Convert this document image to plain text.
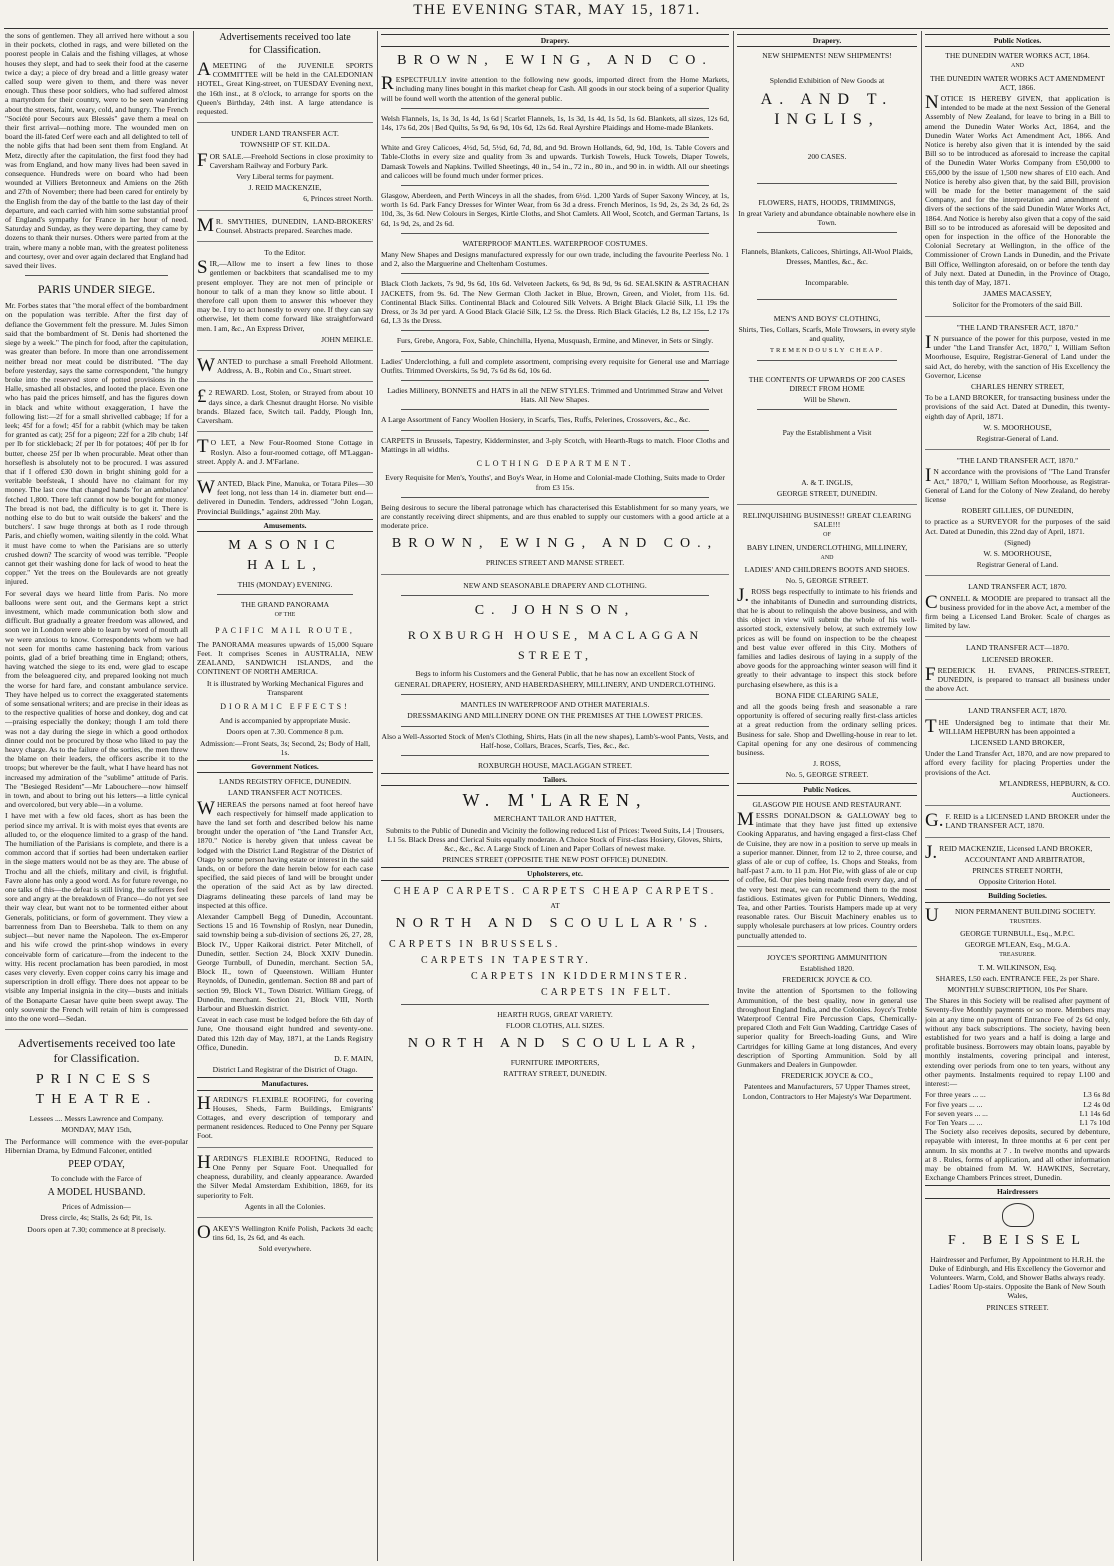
THE EVENING STAR, MAY 15, 1871.

the sons of gentlemen. They all arrived here without a sou in their pockets, clothed in rags, and were billeted on the poorest people in Calais and the fishing villages, at whose houses they slept, and had to seek their food at the caserne twice a day; a piece of dry bread and a little greasy water called soup were given to them, and there was never enough. Thus these poor soldiers, who had suffered almost a martyrdom for their country, were to be seen wandering about the streets, faint, weary, cold, and hungry. The French "Société pour Secours aux Blessés" gave them a meal on their first arrival—nothing more. The wounded men on board the ill-fated Cerf were each and all delighted to tell of the noble gifts that had been sent them from England. At Metz, directly after the capitulation, the first food they had was from England, and how many lives had been saved in consequence. Hundreds were on board who had been wounded at Villiers Bretonneux and Amiens on the 26th and 27th of November; there had been cared for entirely by the English from the day of the battle to the last day of their departure, and each carried with him some substantial proof of England's sympathy for France in her hour of need. Saturday and Sunday, as they were departing, they came by dozens to thank their nurses. Others were parted from at the train, where many a noble man, with the greatest politeness and courtesy, over and over again declared that England had saved their lives.

PARIS UNDER SIEGE.

Mr. Forbes states that "the moral effect of the bombardment on the population was terrible. After the first day of defiance the Government felt the pressure. M. Jules Simon said that the bombardment of St. Denis had shortened the siege by a week." The pinch for food, after the capitulation, was greater than before. In more than one arrondissement neither bread nor meat could be distributed. "The day before yesterday, says the same correspondent, "the hungry broke into the reserved store of potted provisions in the Halle, smashed all obstacles, and looted the place. Even one who has paid the prices himself, and has the figures down in black and white without exaggeration, I have the following list:—2f for a small shrivelled cabbage; 1f for a leek; 45f for a fowl; 45f for a rabbit (which may be taken for granted as cat); 25f for a pigeon; 22f for a 2lb chub; 14f per lb for stickleback; 2f per lb for potatoes; 40f per lb for butter, cheese 25f per lb when procurable. Meat other than horseflesh is absolutely not to be procured. I was assured that if I offered £30 down in bright shining gold for a veritable beefsteak, I should have no claimant for my money. The last cow that changed hands 'for an ambulance' fetched 1,800. There left cannot now be bought for money. The bread is not bad, the difficulty is to get it. There is nothing else to do but to wait outside the bakers' and the butchers'. I saw huge throngs at both as I rode through Paris, and chiefly women, waiting silently in the cold. What it must have come to when the Parisians are so utterly crushed down? The scarcity of wood was terrible. "People cannot get their washing done for lack of wood to heat the copper." Yet the trees on the Boulevards are not greatly injured.

For several days we heard little from Paris. No more balloons were sent out, and the Germans kept a strict investment, which made communication both slow and difficult. But gradually a greater freedom was allowed, and soon we in London were able to learn by word of mouth all we were anxious to know. Correspondents whom we had not seen for months came hastening back from various points, glad of a brief breathing time in England; others, having watched the siege to its end, were glad to escape from the beleaguered city, and prepared looking not much the worse for hard fare, and constant ambulance service. They have helped us to correct the exaggerated statements of some sensational writers; and are precise in their ideas as to the respective qualities of horse and donkey, dog and cat—praising especially the donkey; though I am told there was not a day during the siege in which a good orthodox dinner could not be procured by those who liked to pay the heavy charge. As to the failure of the sorties, the men threw the blame on their leaders, the officers ascribe it to the troops; but wherever be the fault, what I have heard has not increased my admiration of the "sublime" attitude of Paris. The "Besieged Resident"—Mr Labouchere—now himself in town, and about to bring out his letters—a little cynical and overcolored, but very able—in a volume.

I have met with a few old faces, short as has been the period since my arrival. It is with moist eyes that events are alluded to, or the eloquence limited to a grasp of the hand. The humiliation of the Parisians is complete, and there is a common accord that if sorties had been undertaken earlier in the siege matters would not be as they are. The abuse of Trochu and all the chiefs, military and civil, is frightful. Favre alone has only a good word. As for future revenge, no one talks of this—the defeat is still living, the sufferers feel sore and angry at the breakdown of France—do not yet see their way clear, but want not to be tormented either about Generals, politicians, or form of government. They view a barrenness from Dan to Beersheba. Talk to them on any subject—but never name the Napoleon. The ex-Emperor and his wife crowd the print-shop windows in every conceivable form of caricature—from the indecent to the witty. His recent proclamation has been parodied, in most cases very cleverly. Even copper coins carry his image and superscription in droll effigy. There does not appear to be visible any Imperial insignia in the city—busts and initials of the Bonaparte Caesar have quite been swept away. The only souvenir the French will retain of him is compressed into the one word—Sedan.

Advertisements received too late
for Classification.
PRINCESS THEATRE.

Lessees .... Messrs Lawrence and Company.

MONDAY, MAY 15th,

The Performance will commence with the ever-popular Hibernian Drama, by Edmund Falconer, entitled

PEEP O'DAY,

To conclude with the Farce of

A MODEL HUSBAND.

Prices of Admission—

Dress circle, 4s; Stalls, 2s 6d; Pit, 1s.

Doors open at 7.30; commence at 8 precisely.

Advertisements received too late
for Classification.

AMEETING of the JUVENILE SPORTS COMMITTEE will be held in the CALEDONIAN HOTEL, Great King-street, on TUESDAY Evening next, the 16th inst., at 8 o'clock, to arrange for sports on the Queen's Birthday, 24th inst. A large attendance is requested.

UNDER LAND TRANSFER ACT.

TOWNSHIP OF ST. KILDA.

FOR SALE.—Freehold Sections in close proximity to Caversham Railway and Forbury Park.

Very Liberal terms for payment.

J. REID MACKENZIE,

6, Princes street North.

MR. SMYTHIES, DUNEDIN, LAND-BROKERS' Counsel. Abstracts prepared. Searches made.

To the Editor.

SIR,—Allow me to insert a few lines to those gentlemen or backbiters that scandalised me to my present employer. They are not men of principle or honour to talk of a man they know so little about. I therefore call upon them to answer this whoever they may be. I try to act honestly to every one. If they can say otherwise, let them come forward like straightforward men. I am, &c., An Express Driver,

JOHN MEIKLE.

WANTED to purchase a small Freehold Allotment. Address, A. B., Robin and Co., Stuart street.

£2 REWARD. Lost, Stolen, or Strayed from about 10 days since, a dark Chesnut draught Horse. No visible brands. Blazed face, Switch tail. Paddy, Plough Inn, Caversham.

TO LET, a New Four-Roomed Stone Cottage in Roslyn. Also a four-roomed cottage, off M'Laggan-street. Apply A. and J. M'Farlane.

WANTED, Black Pine, Manuka, or Totara Piles—30 feet long, not less than 14 in. diameter butt end—delivered in Dunedin. Tenders, addressed "John Logan, Provincial Buildings," against 20th May.

Amusements.
MASONIC HALL,

THIS (MONDAY) EVENING.

THE GRAND PANORAMA

OF THE

PACIFIC MAIL ROUTE,

The PANORAMA measures upwards of 15,000 Square Feet. It comprises Scenes in AUSTRALIA, NEW ZEALAND, SANDWICH ISLANDS, and the CONTINENT OF NORTH AMERICA.

It is illustrated by Working Mechanical Figures and Transparent

DIORAMIC EFFECTS!

And is accompanied by appropriate Music.

Doors open at 7.30. Commence 8 p.m.

Admission:—Front Seats, 3s; Second, 2s; Body of Hall, 1s.

Government Notices.

LANDS REGISTRY OFFICE, DUNEDIN.

LAND TRANSFER ACT NOTICES.

WHEREAS the persons named at foot hereof have each respectively for himself made application to have the land set forth and described below his name brought under the operation of "the Land Transfer Act, 1870." Notice is hereby given that unless caveat be lodged with the District Land Registrar of the District of Otago by some person having estate or interest in the said lands, on or before the date herein below for each case specified, the said pieces of land will be brought under the operation of the said Act as by law directed. Diagrams delineating these parcels of land may be inspected at this office.

Alexander Campbell Begg of Dunedin, Accountant. Sections 15 and 16 Township of Roslyn, near Dunedin, said township being a sub-division of sections 26, 27, 28, Block IV., Upper Kaikorai district. Peter Mitchell, of Dunedin, settler. Section 24, Block XXIV Dunedin. George Turnbull, of Dunedin, merchant. Section 5A, Block II., town of Queenstown. William Hunter Reynolds, of Dunedin, gentleman. Section 88 and part of section 99, Block VI., Town District. William Gregg, of Dunedin, merchant. Section 21, Block VIII, North Harbour and Blueskin district.

Caveat in each case must be lodged before the 6th day of June, One thousand eight hundred and seventy-one. Dated this 12th day of May, 1871, at the Lands Registry Office, Dunedin.

D. F. MAIN,

District Land Registrar of the District of Otago.

Manufactures.

HARDING'S FLEXIBLE ROOFING, for covering Houses, Sheds, Farm Buildings, Emigrants' Cottages, and every description of temporary and permanent residences. Reduced to One Penny per Square Foot.

HARDING'S FLEXIBLE ROOFING, Reduced to One Penny per Square Foot. Unequalled for cheapness, durability, and cleanly appearance. Awarded the Silver Medal Amsterdam Exhibition, 1869, for its superiority to Felt.

Agents in all the Colonies.

OAKEY'S Wellington Knife Polish, Packets 3d each; tins 6d, 1s, 2s 6d, and 4s each.

Sold everywhere.

Drapery.
BROWN, EWING, AND CO.

RESPECTFULLY invite attention to the following new goods, imported direct from the Home Markets, including many lines bought in this market cheap for Cash. All goods in our stock being of a superior Quality will be found well worth the attention of the general public.

Welsh Flannels, 1s, 1s 3d, 1s 4d, 1s 6d | Scarlet Flannels, 1s, 1s 3d, 1s 4d, 1s 5d, 1s 6d. Blankets, all sizes, 12s 6d, 14s, 17s 6d, 20s | Bed Quilts, 5s 9d, 6s 9d, 10s 6d, 12s 6d. Real Ayrshire Plaidings and Home-made Blankets.

White and Grey Calicoes, 4½d, 5d, 5½d, 6d, 7d, 8d, and 9d. Brown Hollands, 6d, 9d, 10d, 1s. Table Covers and Table-Cloths in every size and quality from 3s and upwards. Turkish Towels, Huck Towels, Diaper Towels, Damask Towels and Napkins. Twilled Sheetings, 40 in., 54 in., 72 in., 80 in., and 90 in. in width. All our sheetings and calicoes will be found much under former prices.

Glasgow, Aberdeen, and Perth Winceys in all the shades, from 6½d. 1,200 Yards of Super Saxony Wincey, at 1s, worth 1s 6d. Park Fancy Dresses for Winter Wear, from 6s 3d a dress. French Merinos, 1s 9d, 2s, 2s 3d, 2s 6d, 2s 10d, 3s, 3s 6d. New Colours in Serges, Kirtle Cloths, and Shot Camlets. All Wool, Scotch, and German Tartans, 1s 6d, 1s 9d, 2s, and 2s 6d.

WATERPROOF MANTLES. WATERPROOF COSTUMES.

Many New Shapes and Designs manufactured expressly for our own trade, including the favourite Peerless No. 1 and 2, also the Marguerine and Cheltenham Costumes.

Black Cloth Jackets, 7s 9d, 9s 6d, 10s 6d. Velveteen Jackets, 6s 9d, 8s 9d, 9s 6d. SEALSKIN & ASTRACHAN JACKETS, from 9s. 6d. The New German Cloth Jacket in Blue, Brown, Green, and Violet, from 11s. 6d. Continental Black Silks. Continental Black and Coloured Silk Velvets. A Bright Black Glacié Silk, L1 19s the Dress, or 3s 3d per yard. A Good Black Glacié Silk, L2 5s. the Dress. Rich Black Glaciés, L2 8s, L2 15s, L2 17s 6d, L3 3s the Dress.

Furs, Grebe, Angora, Fox, Sable, Chinchilla, Hyena, Musquash, Ermine, and Minever, in Sets or Singly.

Ladies' Underclothing, a full and complete assortment, comprising every requisite for General use and Marriage Outfits. Trimmed Overskirts, 5s 9d, 7s 6d 8s 6d, 10s 6d.

Ladies Millinery, BONNETS and HATS in all the NEW STYLES. Trimmed and Untrimmed Straw and Velvet Hats. All New Shapes.

A Large Assortment of Fancy Woollen Hosiery, in Scarfs, Ties, Ruffs, Pelerines, Crossovers, &c., &c.

CARPETS in Brussels, Tapestry, Kidderminster, and 3-ply Scotch, with Hearth-Rugs to match. Floor Cloths and Mattings in all widths.

CLOTHING DEPARTMENT.

Every Requisite for Men's, Youths', and Boy's Wear, in Home and Colonial-made Clothing, Suits made to Order from £3 15s.

Being desirous to secure the liberal patronage which has characterised this Establishment for so many years, we are constantly receiving direct shipments, and are thus enabled to supply our customers with a good article at a moderate price.

BROWN, EWING, AND CO.,

PRINCES STREET AND MANSE STREET.

NEW AND SEASONABLE DRAPERY AND CLOTHING.

C. JOHNSON,
ROXBURGH HOUSE, MACLAGGAN STREET,

Begs to inform his Customers and the General Public, that he has now an excellent Stock of

GENERAL DRAPERY, HOSIERY, AND HABERDASHERY, MILLINERY, AND UNDERCLOTHING.

MANTLES IN WATERPROOF AND OTHER MATERIALS.

DRESSMAKING AND MILLINERY DONE ON THE PREMISES AT THE LOWEST PRICES.

Also a Well-Assorted Stock of Men's Clothing, Shirts, Hats (in all the new shapes), Lamb's-wool Pants, Vests, and Half-hose, Collars, Braces, Scarfs, Ties, &c., &c.

ROXBURGH HOUSE, MACLAGGAN STREET.

Tailors.
W. M'LAREN,

MERCHANT TAILOR AND HATTER,

Submits to the Public of Dunedin and Vicinity the following reduced List of Prices: Tweed Suits, L4 | Trousers, L1 5s. Black Dress and Clerical Suits equally moderate. A Choice Stock of First-class Hosiery, Gloves, Shirts, &c., &c., &c. A Large Stock of Linen and Paper Collars of newest make.

PRINCES STREET (OPPOSITE THE NEW POST OFFICE) DUNEDIN.

Upholsterers, etc.
CHEAP CARPETS. CARPETS CHEAP CARPETS.

AT

NORTH AND SCOULLAR'S.
CARPETS IN BRUSSELS.
CARPETS IN TAPESTRY.
CARPETS IN KIDDERMINSTER.
CARPETS IN FELT.

HEARTH RUGS, GREAT VARIETY.

FLOOR CLOTHS, ALL SIZES.

NORTH AND SCOULLAR,

FURNITURE IMPORTERS,

RATTRAY STREET, DUNEDIN.

Drapery.

NEW SHIPMENTS! NEW SHIPMENTS!

Splendid Exhibition of New Goods at

A. AND T. INGLIS,

200 CASES.

FLOWERS, HATS, HOODS, TRIMMINGS,

In great Variety and abundance obtainable nowhere else in Town.

Flannels, Blankets, Calicoes, Shirtings, All-Wool Plaids, Dresses, Mantles, &c., &c.

Incomparable.

MEN'S AND BOYS' CLOTHING,

Shirts, Ties, Collars, Scarfs, Mole Trowsers, in every style and quality,

TREMENDOUSLY CHEAP.

THE CONTENTS OF UPWARDS OF 200 CASES DIRECT FROM HOME

Will be Shewn.

Pay the Establishment a Visit

A. & T. INGLIS,

GEORGE STREET, DUNEDIN.

RELINQUISHING BUSINESS!! GREAT CLEARING SALE!!!

OF

BABY LINEN, UNDERCLOTHING, MILLINERY,

AND

LADIES' AND CHILDREN'S BOOTS AND SHOES.

No. 5, GEORGE STREET.

J.ROSS begs respectfully to intimate to his friends and the inhabitants of Dunedin and surrounding districts, that he is about to relinquish the above business, and with this object in view will submit the whole of his well-assorted stock, extensively below, at such extremely low prices as will be found on inspection to be the cheapest and best value ever offered in this City. Mothers of families and ladies desirous of laying in a supply of the above goods for the approaching winter season will find it greatly to their advantage to inspect this stock before purchasing elsewhere, as this is a

BONA FIDE CLEARING SALE,

and all the goods being fresh and seasonable a rare opportunity is offered of securing really first-class articles at a great reduction from the ordinary selling prices. Business for sale. Shop and Dwelling-house in rear to let. Capital opening for any one desirous of commencing business.

J. ROSS,

No. 5, GEORGE STREET.

Public Notices.

GLASGOW PIE HOUSE AND RESTAURANT.

MESSRS DONALDSON & GALLOWAY beg to intimate that they have just fitted up extensive Cooking Apparatus, and having engaged a first-class Chef de Cuisine, they are now in a position to serve up meals in a superior manner. Dinner, from 12 to 2, three course, and glass of ale or cup of coffee, 1s. Chops and Steaks, from half-past 7 a.m. to 11 p.m. Hot Pie, with glass of ale or cup of coffee, 6d. Our pies being made fresh every day, and of the very best meat, we can recommend them to the most fastidious. Estimates given for Public Dinners, Wedding, Tea, and other Parties. Tourists Hampers made up at very reasonable rates. Our Biscuit Machinery enables us to supply wholesale purchasers at low prices. Country orders punctually attended to.

JOYCE'S SPORTING AMMUNITION

Established 1820.

FREDERICK JOYCE & CO.

Invite the attention of Sportsmen to the following Ammunition, of the best quality, now in general use throughout England India, and the Colonies. Joyce's Treble Waterproof Central Fire Percussion Caps, Chemically-prepared Cloth and Felt Gun Wadding, Cartridge Cases of superior quality for Breech-loading Guns, and Wire Cartridges for killing Game at long distances, And every description of Sporting Ammunition. Sold by all Gunmakers and Dealers in Gunpowder.

FREDERICK JOYCE & CO.,

Patentees and Manufacturers, 57 Upper Thames street, London, Contractors to Her Majesty's War Department.

Public Notices.

THE DUNEDIN WATER WORKS ACT, 1864.

AND

THE DUNEDIN WATER WORKS ACT AMENDMENT ACT, 1866.

NOTICE IS HEREBY GIVEN, that application is intended to be made at the next Session of the General Assembly of New Zealand, for leave to bring in a Bill to amend the Dunedin Water Works Act, 1864, and the Dunedin Water Works Act Amendment Act, 1866. And Notice is hereby also given that it is intended by the said Bill so to be introduced as aforesaid to increase the capital of the Dunedin Water Works Company from £50,000 to £65,000 by the issue of 1,500 new shares of £10 each. And Notice is hereby also given that, by the said Bill, provision will be made for the better management of the said Company, and for the interpretation and amendment of divers of the sections of the said Dunedin Water Works Act, 1864. And Notice is hereby also given that a copy of the said Bill so to be introduced as aforesaid will be deposited and open for inspection in the office of the Honorable the Colonial Secretary at Wellington, in the office of the Commissioner of Crown Lands in Dunedin, and the Private Bill Office, Wellington aforesaid, on or before the tenth day of July next. Dated at Dunedin, in the Province of Otago, this tenth day of May, 1871.

JAMES MACASSEY,

Solicitor for the Promoters of the said Bill.

"THE LAND TRANSFER ACT, 1870."

IN pursuance of the power for this purpose, vested in me under "the Land Transfer Act, 1870," I, William Sefton Moorhouse, Esquire, Registrar-General of Land under the said Act, do hereby, with the sanction of His Excellency the Governor, License

CHARLES HENRY STREET,

To be a LAND BROKER, for transacting business under the provisions of the said Act. Dated at Dunedin, this twenty-eighth day of April, 1871.

W. S. MOORHOUSE,

Registrar-General of Land.

"THE LAND TRANSFER ACT, 1870."

IN accordance with the provisions of "The Land Transfer Act," 1870," I, William Sefton Moorhouse, as Registrar-General of Land for the Colony of New Zealand, do hereby license

ROBERT GILLIES, OF DUNEDIN,

to practice as a SURVEYOR for the purposes of the said Act. Dated at Dunedin, this 22nd day of April, 1871.

(Signed)

W. S. MOORHOUSE,

Registrar General of Land.

LAND TRANSFER ACT, 1870.

CONNELL & MOODIE are prepared to transact all the business provided for in the above Act, a member of the firm being a Licensed Land Broker. Scale of charges as limited by law.

LAND TRANSFER ACT—1870.

LICENSED BROKER.

FREDERICK H. EVANS, PRINCES-STREET, DUNEDIN, is prepared to transact all business under the above Act.

LAND TRANSFER ACT, 1870.

THE Undersigned beg to intimate that their Mr. WILLIAM HEPBURN has been appointed a

LICENSED LAND BROKER,

Under the Land Transfer Act, 1870, and are now prepared to afford every facility for placing Properties under the provisions of the Act.

M'LANDRESS, HEPBURN, & CO.

Auctioneers.

G.F. REID is a LICENSED LAND BROKER under the LAND TRANSFER ACT, 1870.

J.REID MACKENZIE, Licensed LAND BROKER,

ACCOUNTANT AND ARBITRATOR,

PRINCES STREET NORTH,

Opposite Criterion Hotel.

Building Societies.

UNION PERMANENT BUILDING SOCIETY.

TRUSTEES.

GEORGE TURNBULL, Esq., M.P.C.

GEORGE M'LEAN, Esq., M.G.A.

TREASURER.

T. M. WILKINSON, Esq.

SHARES, L50 each. ENTRANCE FEE, 2s per Share.

MONTHLY SUBSCRIPTION, 10s Per Share.

The Shares in this Society will be realised after payment of Seventy-five Monthly payments or so more. Members may join at any time on payment of Entrance Fee of 2s 6d only, without any back subscriptions. The society, having been established for two years and a half is doing a large and profitable business. Borrowers may obtain loans, payable by monthly instalments, covering principal and interest, extending over periods from one to ten years, without any other payments. Instalments required to repay L100 and interest:—

For three years ... ...	L3 6s 8d
For five years ... ...	L2 4s 0d
For seven years ... ...	L1 14s 6d
For Ten Years ... ...	L1 7s 10d

The Society also receives deposits, secured by debenture, repayable with interest, In three months at 6 per cent per annum. In six months at 7 . In twelve months and upwards at 8 . Rules, forms of application, and all other information may be obtained from M. W. HAWKINS, Secretary, Exchange Chambers Princes street, Dunedin.

Hairdressers
F. BEISSEL

Hairdresser and Perfumer, By Appointment to H.R.H. the Duke of Edinburgh, and His Excellency the Governor and Volunteers. Warm, Cold, and Shower Baths always ready. Ladies' Room Up-stairs. Opposite the Bank of New South Wales,

PRINCES STREET.
